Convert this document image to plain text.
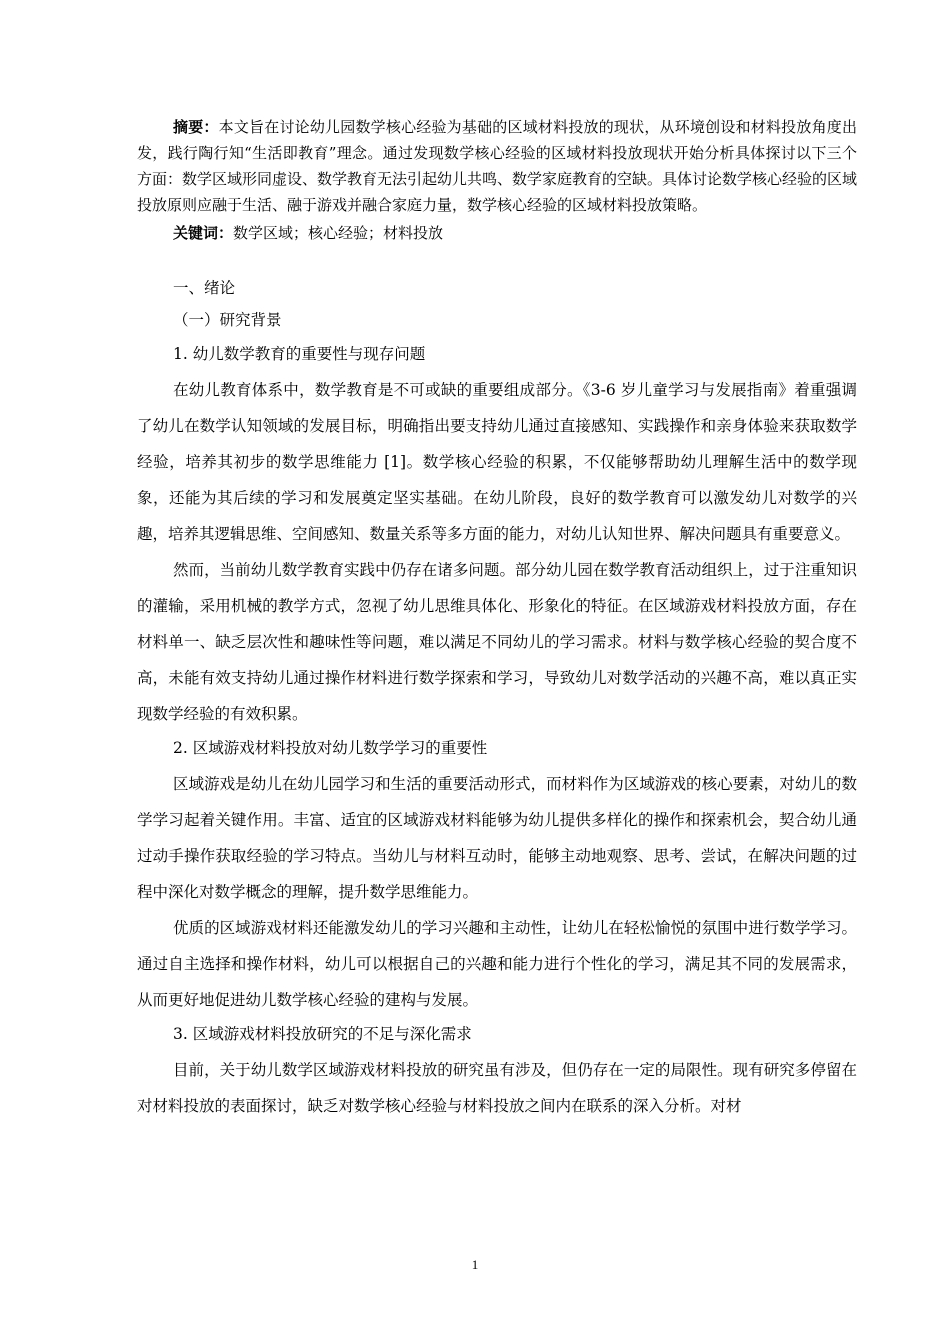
摘要：本文旨在讨论幼儿园数学核心经验为基础的区域材料投放的现状，从环境创设和材料投放角度出发，践行陶行知“生活即教育”理念。通过发现数学核心经验的区域材料投放现状开始分析具体探讨以下三个方面：数学区域形同虚设、数学教育无法引起幼儿共鸣、数学家庭教育的空缺。具体讨论数学核心经验的区域投放原则应融于生活、融于游戏并融合家庭力量，数学核心经验的区域材料投放策略。

关键词：数学区域；核心经验；材料投放

一、绪论

（一）研究背景

1. 幼儿数学教育的重要性与现存问题

在幼儿教育体系中，数学教育是不可或缺的重要组成部分。《3-6 岁儿童学习与发展指南》着重强调了幼儿在数学认知领域的发展目标，明确指出要支持幼儿通过直接感知、实践操作和亲身体验来获取数学经验，培养其初步的数学思维能力 [1]。数学核心经验的积累，不仅能够帮助幼儿理解生活中的数学现象，还能为其后续的学习和发展奠定坚实基础。在幼儿阶段，良好的数学教育可以激发幼儿对数学的兴趣，培养其逻辑思维、空间感知、数量关系等多方面的能力，对幼儿认知世界、解决问题具有重要意义。

然而，当前幼儿数学教育实践中仍存在诸多问题。部分幼儿园在数学教育活动组织上，过于注重知识的灌输，采用机械的教学方式，忽视了幼儿思维具体化、形象化的特征。在区域游戏材料投放方面，存在材料单一、缺乏层次性和趣味性等问题，难以满足不同幼儿的学习需求。材料与数学核心经验的契合度不高，未能有效支持幼儿通过操作材料进行数学探索和学习，导致幼儿对数学活动的兴趣不高，难以真正实现数学经验的有效积累。

2. 区域游戏材料投放对幼儿数学学习的重要性

区域游戏是幼儿在幼儿园学习和生活的重要活动形式，而材料作为区域游戏的核心要素，对幼儿的数学学习起着关键作用。丰富、适宜的区域游戏材料能够为幼儿提供多样化的操作和探索机会，契合幼儿通过动手操作获取经验的学习特点。当幼儿与材料互动时，能够主动地观察、思考、尝试，在解决问题的过程中深化对数学概念的理解，提升数学思维能力。

优质的区域游戏材料还能激发幼儿的学习兴趣和主动性，让幼儿在轻松愉悦的氛围中进行数学学习。通过自主选择和操作材料，幼儿可以根据自己的兴趣和能力进行个性化的学习，满足其不同的发展需求，从而更好地促进幼儿数学核心经验的建构与发展。

3. 区域游戏材料投放研究的不足与深化需求

目前，关于幼儿数学区域游戏材料投放的研究虽有涉及，但仍存在一定的局限性。现有研究多停留在对材料投放的表面探讨，缺乏对数学核心经验与材料投放之间内在联系的深入分析。对材

1
